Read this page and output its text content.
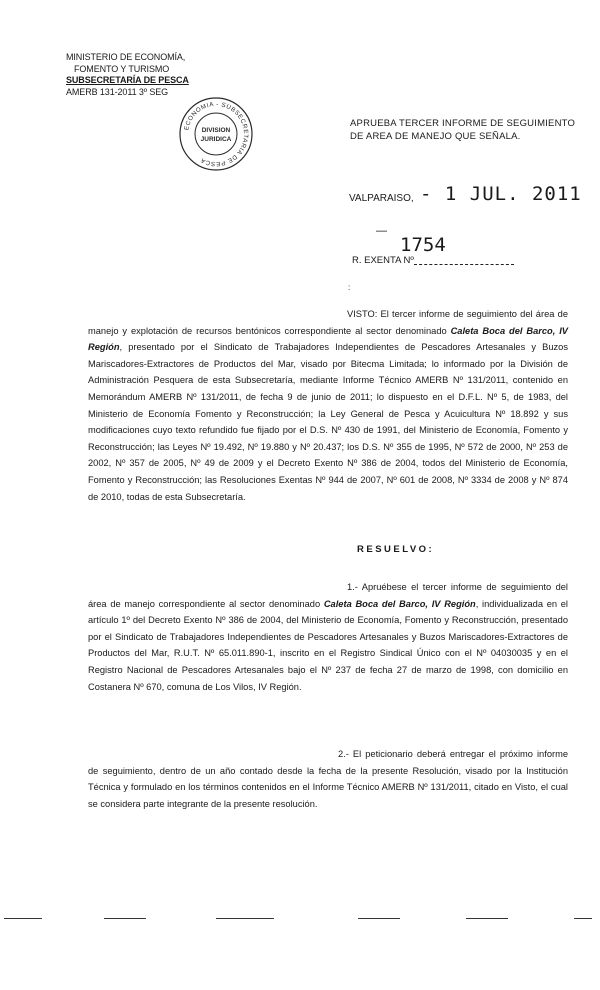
MINISTERIO DE ECONOMÍA,
FOMENTO Y TURISMO
SUBSECRETARÍA DE PESCA
AMERB 131-2011 3º SEG
ECONOMIA - SUBSECRETARIA DE PESCA
DIVISION
JURIDICA
APRUEBA TERCER INFORME DE SEGUIMIENTO
DE AREA DE MANEJO QUE SEÑALA.
VALPARAISO, - 1 JUL. 2011
—
1754
R. EXENTA Nº
:

VISTO: El tercer informe de seguimiento del área de manejo y explotación de recursos bentónicos correspondiente al sector denominado Caleta Boca del Barco, IV Región, presentado por el Sindicato de Trabajadores Independientes de Pescadores Artesanales y Buzos Mariscadores-Extractores de Productos del Mar, visado por Bitecma Limitada; lo informado por la División de Administración Pesquera de esta Subsecretaría, mediante Informe Técnico AMERB Nº 131/2011, contenido en Memorándum AMERB Nº 131/2011, de fecha 9 de junio de 2011; lo dispuesto en el D.F.L. Nº 5, de 1983, del Ministerio de Economía Fomento y Reconstrucción; la Ley General de Pesca y Acuicultura Nº 18.892 y sus modificaciones cuyo texto refundido fue fijado por el D.S. Nº 430 de 1991, del Ministerio de Economía, Fomento y Reconstrucción; las Leyes Nº 19.492, Nº 19.880 y Nº 20.437; los D.S. Nº 355 de 1995, Nº 572 de 2000, Nº 253 de 2002, Nº 357 de 2005, Nº 49 de 2009 y el Decreto Exento Nº 386 de 2004, todos del Ministerio de Economía, Fomento y Reconstrucción; las Resoluciones Exentas Nº 944 de 2007, Nº 601 de 2008, Nº 3334 de 2008 y Nº 874 de 2010, todas de esta Subsecretaría.

RESUELVO:

1.- Apruébese el tercer informe de seguimiento del área de manejo correspondiente al sector denominado Caleta Boca del Barco, IV Región, individualizada en el artículo 1º del Decreto Exento Nº 386 de 2004, del Ministerio de Economía, Fomento y Reconstrucción, presentado por el Sindicato de Trabajadores Independientes de Pescadores Artesanales y Buzos Mariscadores-Extractores de Productos del Mar, R.U.T. Nº 65.011.890-1, inscrito en el Registro Sindical Único con el Nº 04030035 y en el Registro Nacional de Pescadores Artesanales bajo el Nº 237 de fecha 27 de marzo de 1998, con domicilio en Costanera Nº 670, comuna de Los Vilos, IV Región.

2.- El peticionario deberá entregar el próximo informe de seguimiento, dentro de un año contado desde la fecha de la presente Resolución, visado por la Institución Técnica y formulado en los términos contenidos en el Informe Técnico AMERB Nº 131/2011, citado en Visto, el cual se considera parte integrante de la presente resolución.
